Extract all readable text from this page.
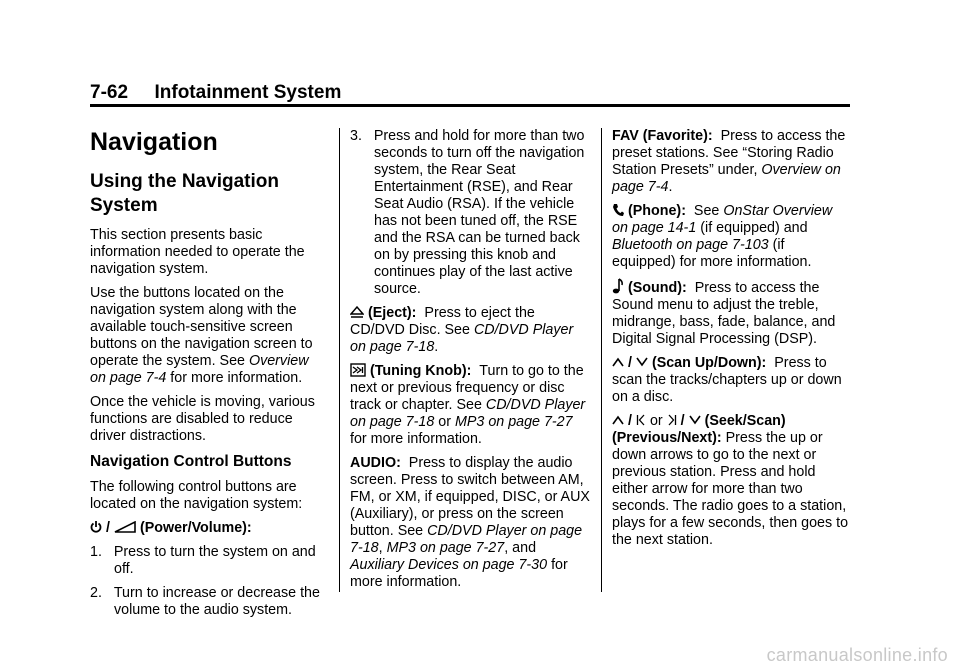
7-62 Infotainment System
Navigation
Using the Navigation System

This section presents basic information needed to operate the navigation system.

Use the buttons located on the navigation system along with the available touch-sensitive screen buttons on the navigation screen to operate the system. See Overview on page 7-4 for more information.

Once the vehicle is moving, various functions are disabled to reduce driver distractions.

Navigation Control Buttons

The following control buttons are located on the navigation system:

/ (Power/Volume):

1. Press to turn the system on and off.
2. Turn to increase or decrease the volume to the audio system.
3. Press and hold for more than two seconds to turn off the navigation system, the Rear Seat Entertainment (RSE), and Rear Seat Audio (RSA). If the vehicle has not been tuned off, the RSE and the RSA can be turned back on by pressing this knob and continues play of the last active source.

(Eject): Press to eject the CD/DVD Disc. See CD/DVD Player on page 7-18.

(Tuning Knob): Turn to go to the next or previous frequency or disc track or chapter. See CD/DVD Player on page 7-18 or MP3 on page 7-27 for more information.

AUDIO: Press to display the audio screen. Press to switch between AM, FM, or XM, if equipped, DISC, or AUX (Auxiliary), or press on the screen button. See CD/DVD Player on page 7-18, MP3 on page 7-27, and Auxiliary Devices on page 7-30 for more information.

FAV (Favorite): Press to access the preset stations. See “Storing Radio Station Presets” under, Overview on page 7-4.

(Phone): See OnStar Overview on page 14-1 (if equipped) and Bluetooth on page 7-103 (if equipped) for more information.

(Sound): Press to access the Sound menu to adjust the treble, midrange, bass, fade, balance, and Digital Signal Processing (DSP).

/ (Scan Up/Down): Press to scan the tracks/chapters up or down on a disc.

/ or / (Seek/Scan) (Previous/Next): Press the up or down arrows to go to the next or previous station. Press and hold either arrow for more than two seconds. The radio goes to a station, plays for a few seconds, then goes to the next station.

carmanualsonline.info
